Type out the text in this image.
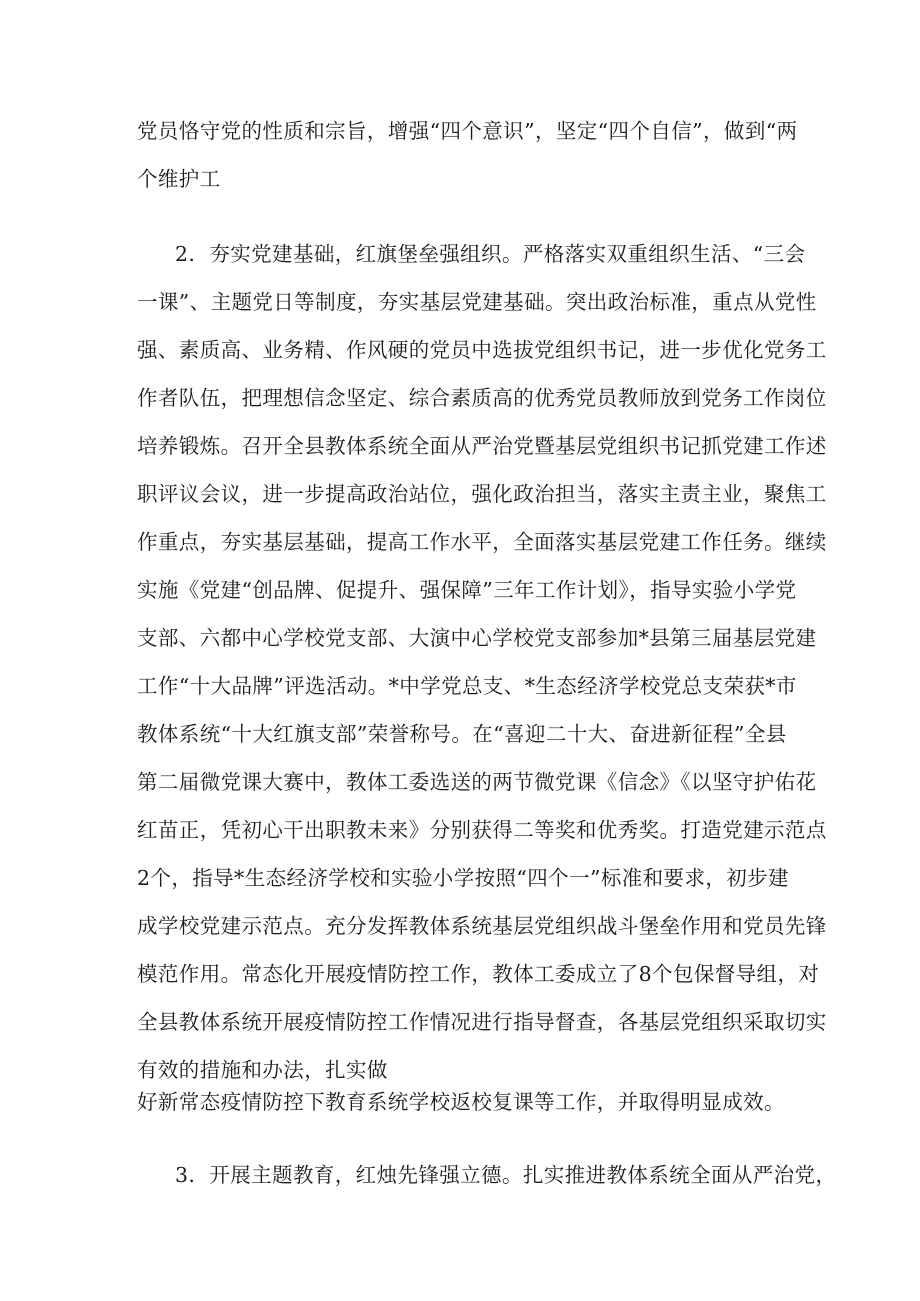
党员恪守党的性质和宗旨，增强“四个意识”，坚定“四个自信”，做到“两
个维护工
2．夯实党建基础，红旗堡垒强组织。严格落实双重组织生活、“三会
一课”、主题党日等制度，夯实基层党建基础。突出政治标准，重点从党性
强、素质高、业务精、作风硬的党员中选拔党组织书记，进一步优化党务工
作者队伍，把理想信念坚定、综合素质高的优秀党员教师放到党务工作岗位
培养锻炼。召开全县教体系统全面从严治党暨基层党组织书记抓党建工作述
职评议会议，进一步提高政治站位，强化政治担当，落实主责主业，聚焦工
作重点，夯实基层基础，提高工作水平，全面落实基层党建工作任务。继续
实施《党建“创品牌、促提升、强保障”三年工作计划》，指导实验小学党
支部、六都中心学校党支部、大演中心学校党支部参加*县第三届基层党建
工作“十大品牌”评选活动。*中学党总支、*生态经济学校党总支荣获*市
教体系统“十大红旗支部”荣誉称号。在“喜迎二十大、奋进新征程”全县
第二届微党课大赛中，教体工委选送的两节微党课《信念》《以坚守护佑花
红苗正，凭初心干出职教未来》分别获得二等奖和优秀奖。打造党建示范点
2个，指导*生态经济学校和实验小学按照“四个一”标准和要求，初步建
成学校党建示范点。充分发挥教体系统基层党组织战斗堡垒作用和党员先锋
模范作用。常态化开展疫情防控工作，教体工委成立了8个包保督导组，对
全县教体系统开展疫情防控工作情况进行指导督查，各基层党组织采取切实
有效的措施和办法，扎实做
好新常态疫情防控下教育系统学校返校复课等工作，并取得明显成效。
3．开展主题教育，红烛先锋强立德。扎实推进教体系统全面从严治党，
